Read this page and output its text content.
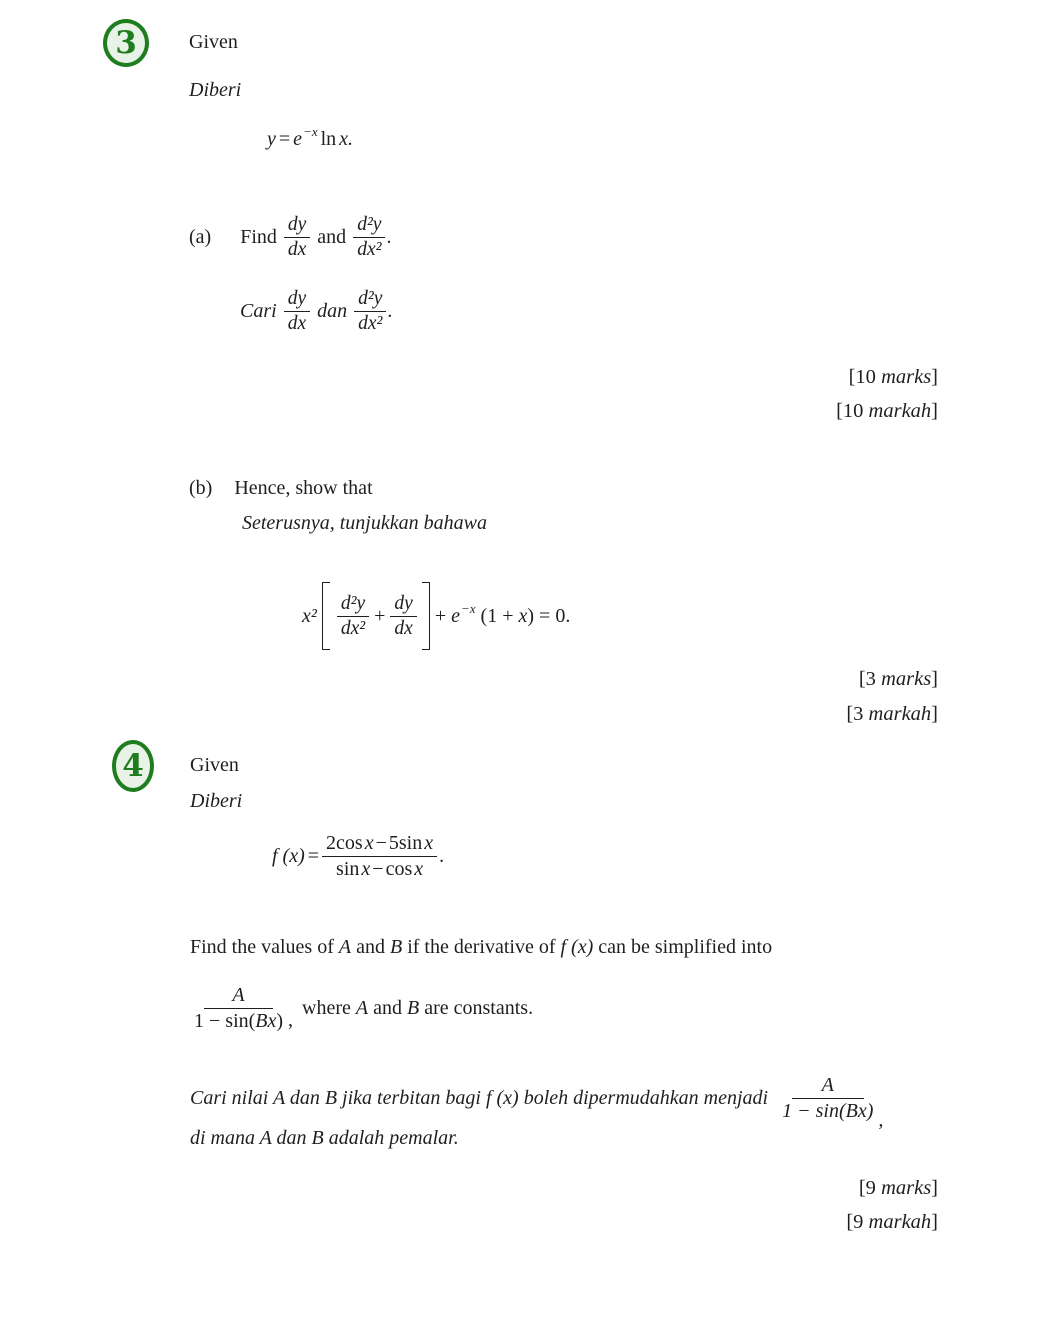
3	Given
Diberi
$y = e^{-x}$ ln x.
(a) Find $\frac{dy}{dx}$ and $\frac{\text{d²y}}{\text{dx²}}$ .
Cari $\frac{dy}{dx}$ dan $\frac{\text{d²y}}{\text{dx²}}$ .
[10 marks]
[10 markah]
(b) Hence, show that
Seterusnya, tunjukkan bahawa
$x^2 \frac{\text{d²y}}{\text{dx²}} + \frac{dy}{dx} + e^{-x}$ (1 + x) = 0.
[3 marks]
[3 markah]
4 Given
Diberi
f $(x) = \frac{\text{2cos x − 5sin x}}{\text{sin x − cos x}}$ .
Find the values of A and B if the derivative of f (x) can be simplified into
$\frac{A}{1 - \sin(Bx)}$ ,
where A and B are constants.
Cari nilai A dan B jika terbitan bagi f (x) boleh dipermudahkan menjadi $\frac{A}{1 - \sin(Bx)}$ ,
di mana A dan B adalah pemalar.
[9 marks]
[9 markah]
